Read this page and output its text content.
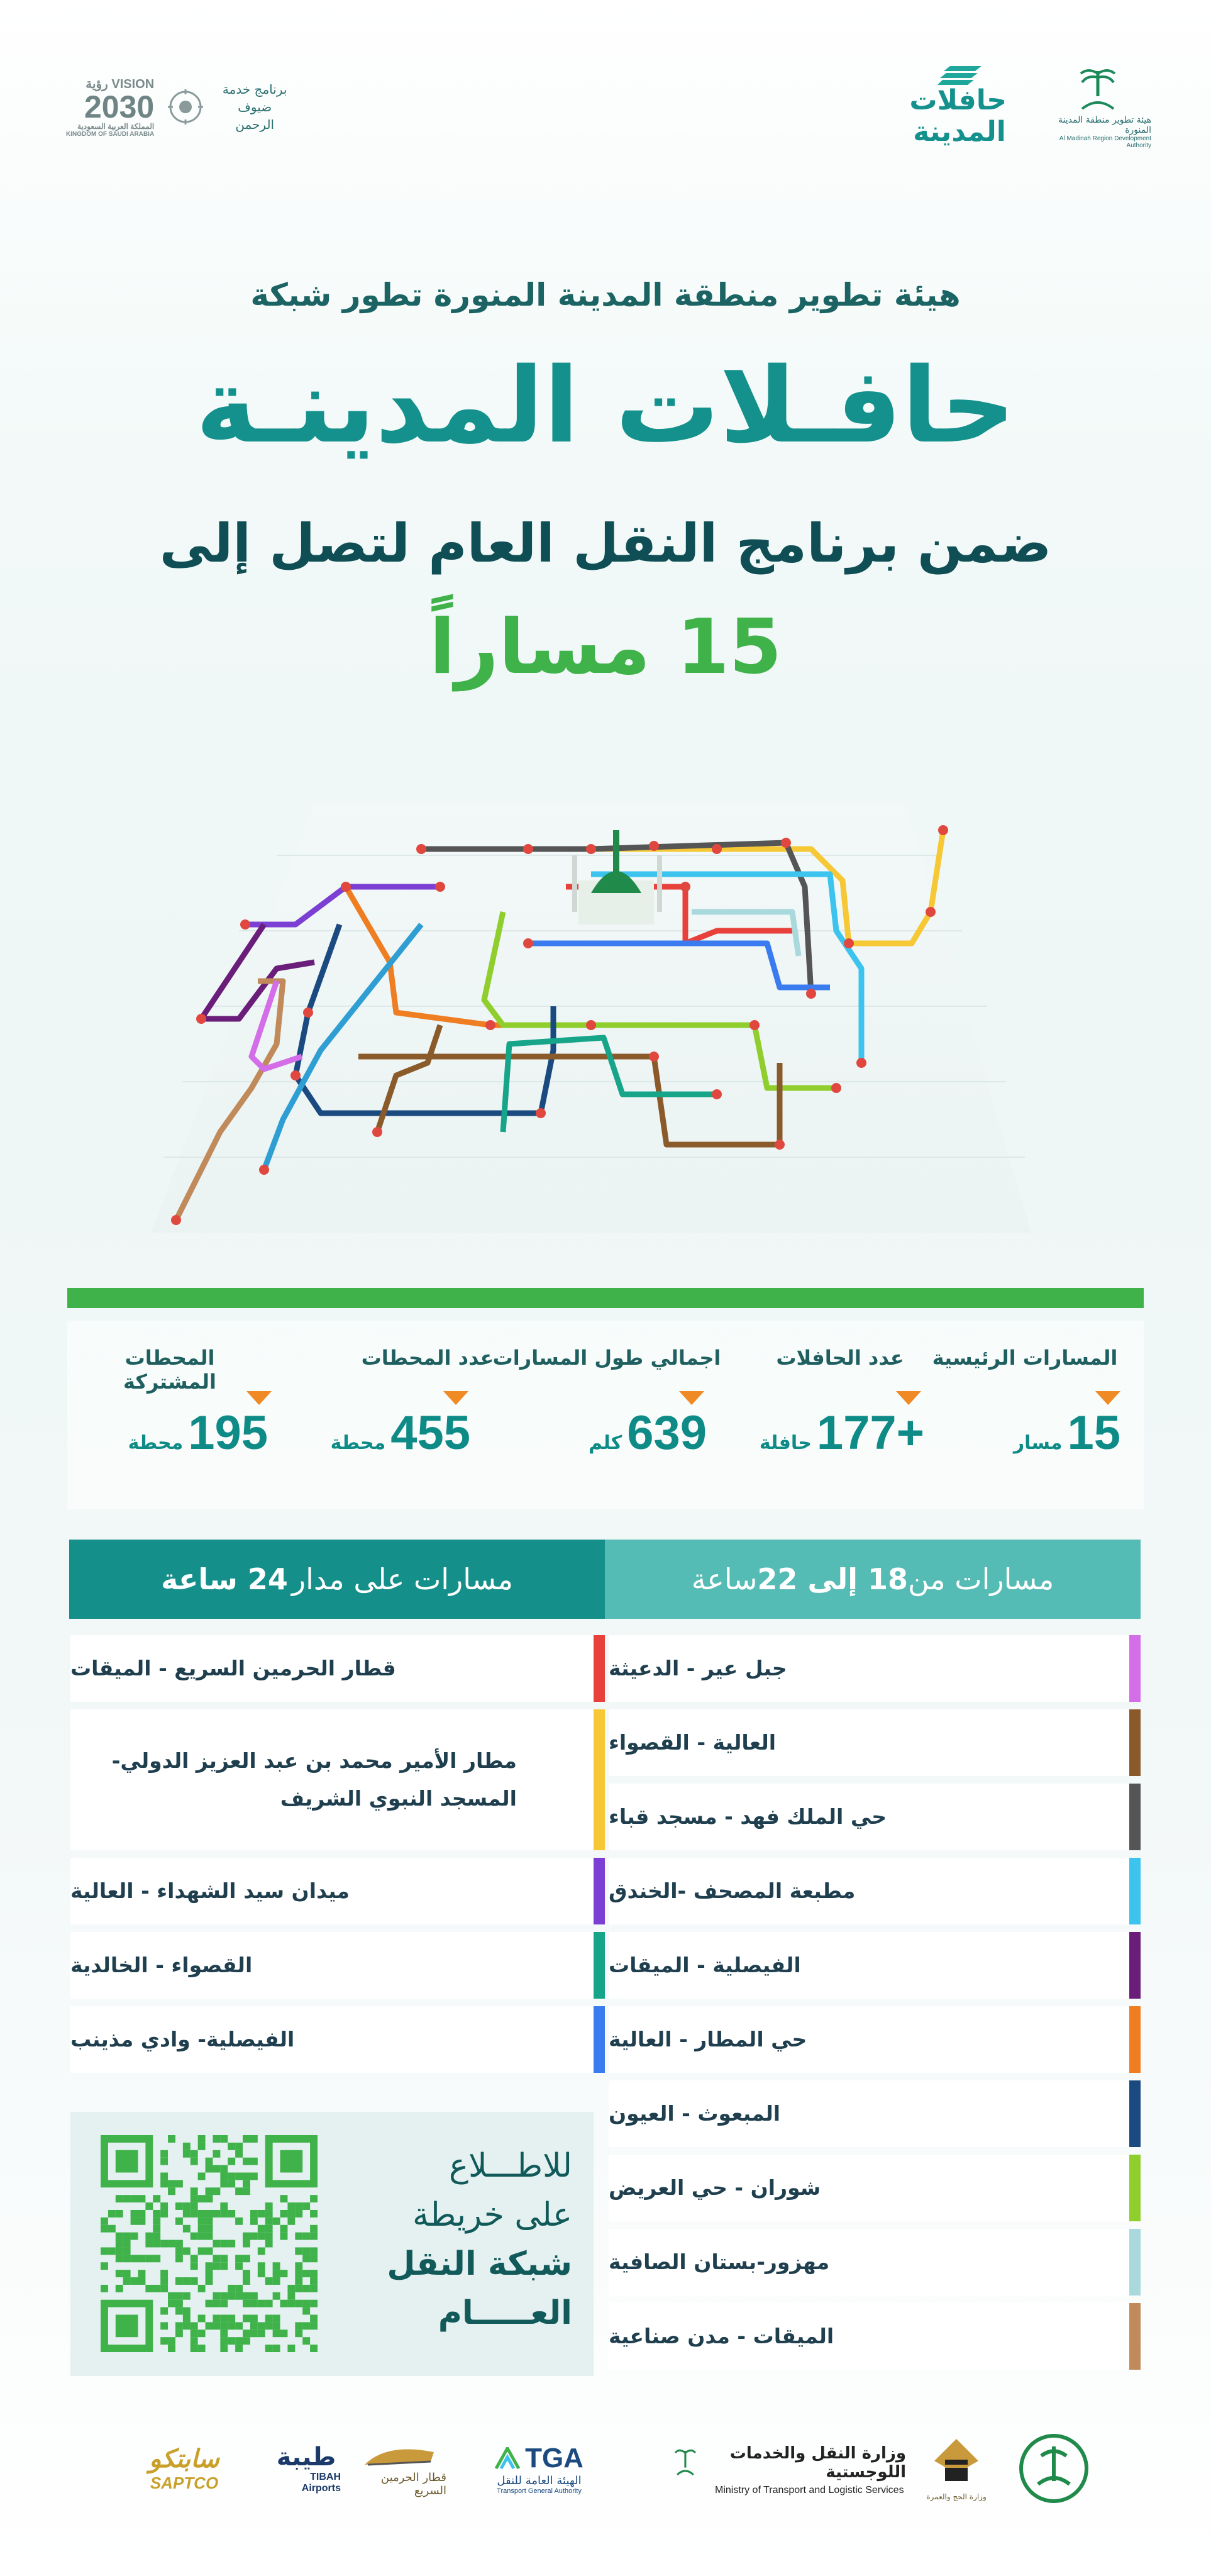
برنامج خدمة ضيوف الرحمن
VISION رؤية
2030
المملكة العربية السعودية
KINGDOM OF SAUDI ARABIA
هيئة تطوير منطقة المدينة المنورة
Al Madinah Region Development Authority
حافلات المدينة
هيئة تطوير منطقة المدينة المنورة تطور شبكة
حافـلات المدينـة
ضمن برنامج النقل العام لتصل إلى
15 مساراً
المسارات الرئيسية
15
مسار
عدد الحافلات
177+
حافلة
اجمالي طول المسارات
639
كلم
عدد المحطات
455
محطة
المحطات المشتركة
195
محطة
مسارات من
18 إلى 22
ساعة
مسارات على مدار
24 ساعة
جبل عير - الدعيثة
العالية - القصواء
حي الملك فهد - مسجد قباء
مطبعة المصحف -الخندق
الفيصلية - الميقات
حي المطار - العالية
المبعوث - العيون
شوران - حي العريض
مهزور-بستان الصافية
الميقات - مدن صناعية
قطار الحرمين السريع - الميقات
مطار الأمير محمد بن عبد العزيز الدولي- المسجد النبوي الشريف
ميدان سيد الشهداء - العالية
القصواء - الخالدية
الفيصلية- وادي مذينب
للاطـــلاع
على خريطة
شبكة النقل
العـــــام
وزارة الحج والعمرة
وزارة النقل والخدمات اللوجستية
Ministry of Transport and Logistic Services
TGA
الهيئة العامة للنقل
Transport General Authority
قطار الحرمين السريع
طيبة
TIBAH Airports
سابتكو
SAPTCO
